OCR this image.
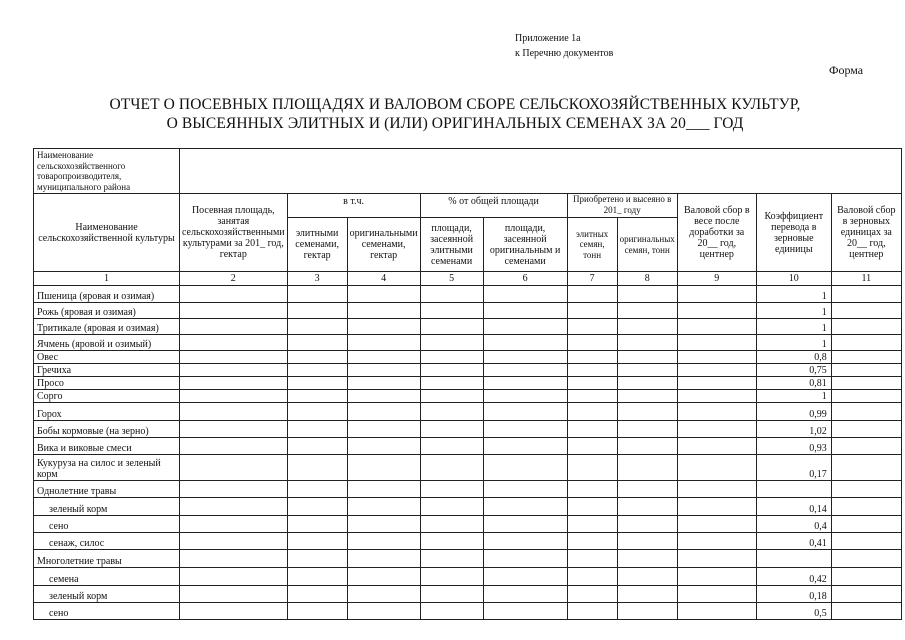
Приложение 1а
к Перечню документов
Форма
ОТЧЕТ О ПОСЕВНЫХ ПЛОЩАДЯХ И ВАЛОВОМ СБОРЕ СЕЛЬСКОХОЗЯЙСТВЕННЫХ КУЛЬТУР,
О ВЫСЕЯННЫХ ЭЛИТНЫХ И (ИЛИ) ОРИГИНАЛЬНЫХ СЕМЕНАХ ЗА 20___ ГОД
Наименование сельскохозяйственного товаропроизводителя, муниципального района										
Наименование сельскохозяйственной культуры	Посевная площадь, занятая сельскохозяйственными культурами за 201_ год, гектар	в т.ч.		% от общей площади		Приобретено и высеяно в 201_ году		Валовой сбор в весе после доработки за 20__ год, центнер	Коэффициент перевода в зерновые единицы	Валовой сбор в зерновых единицах за 20__ год, центнер
		элитными семенами, гектар	оригинальными семенами, гектар	площади, засеянной элитными семенами	площади, засеянной оригинальным и семенами	элитных семян, тонн	оригинальных семян, тонн			
1	2	3	4	5	6	7	8	9	10	11
Пшеница (яровая и озимая)									1	
Рожь (яровая и озимая)									1	
Тритикале (яровая и озимая)									1	
Ячмень (яровой и озимый)									1	
Овес									0,8	
Гречиха									0,75	
Просо									0,81	
Сорго									1	
Горох									0,99	
Бобы кормовые (на зерно)									1,02	
Вика и виковые смеси									0,93	
Кукуруза на силос и зеленый корм									0,17	
Однолетние травы										
зеленый корм									0,14	
сено									0,4	
сенаж, силос									0,41	
Многолетние травы										
семена									0,42	
зеленый корм									0,18	
сено									0,5	
